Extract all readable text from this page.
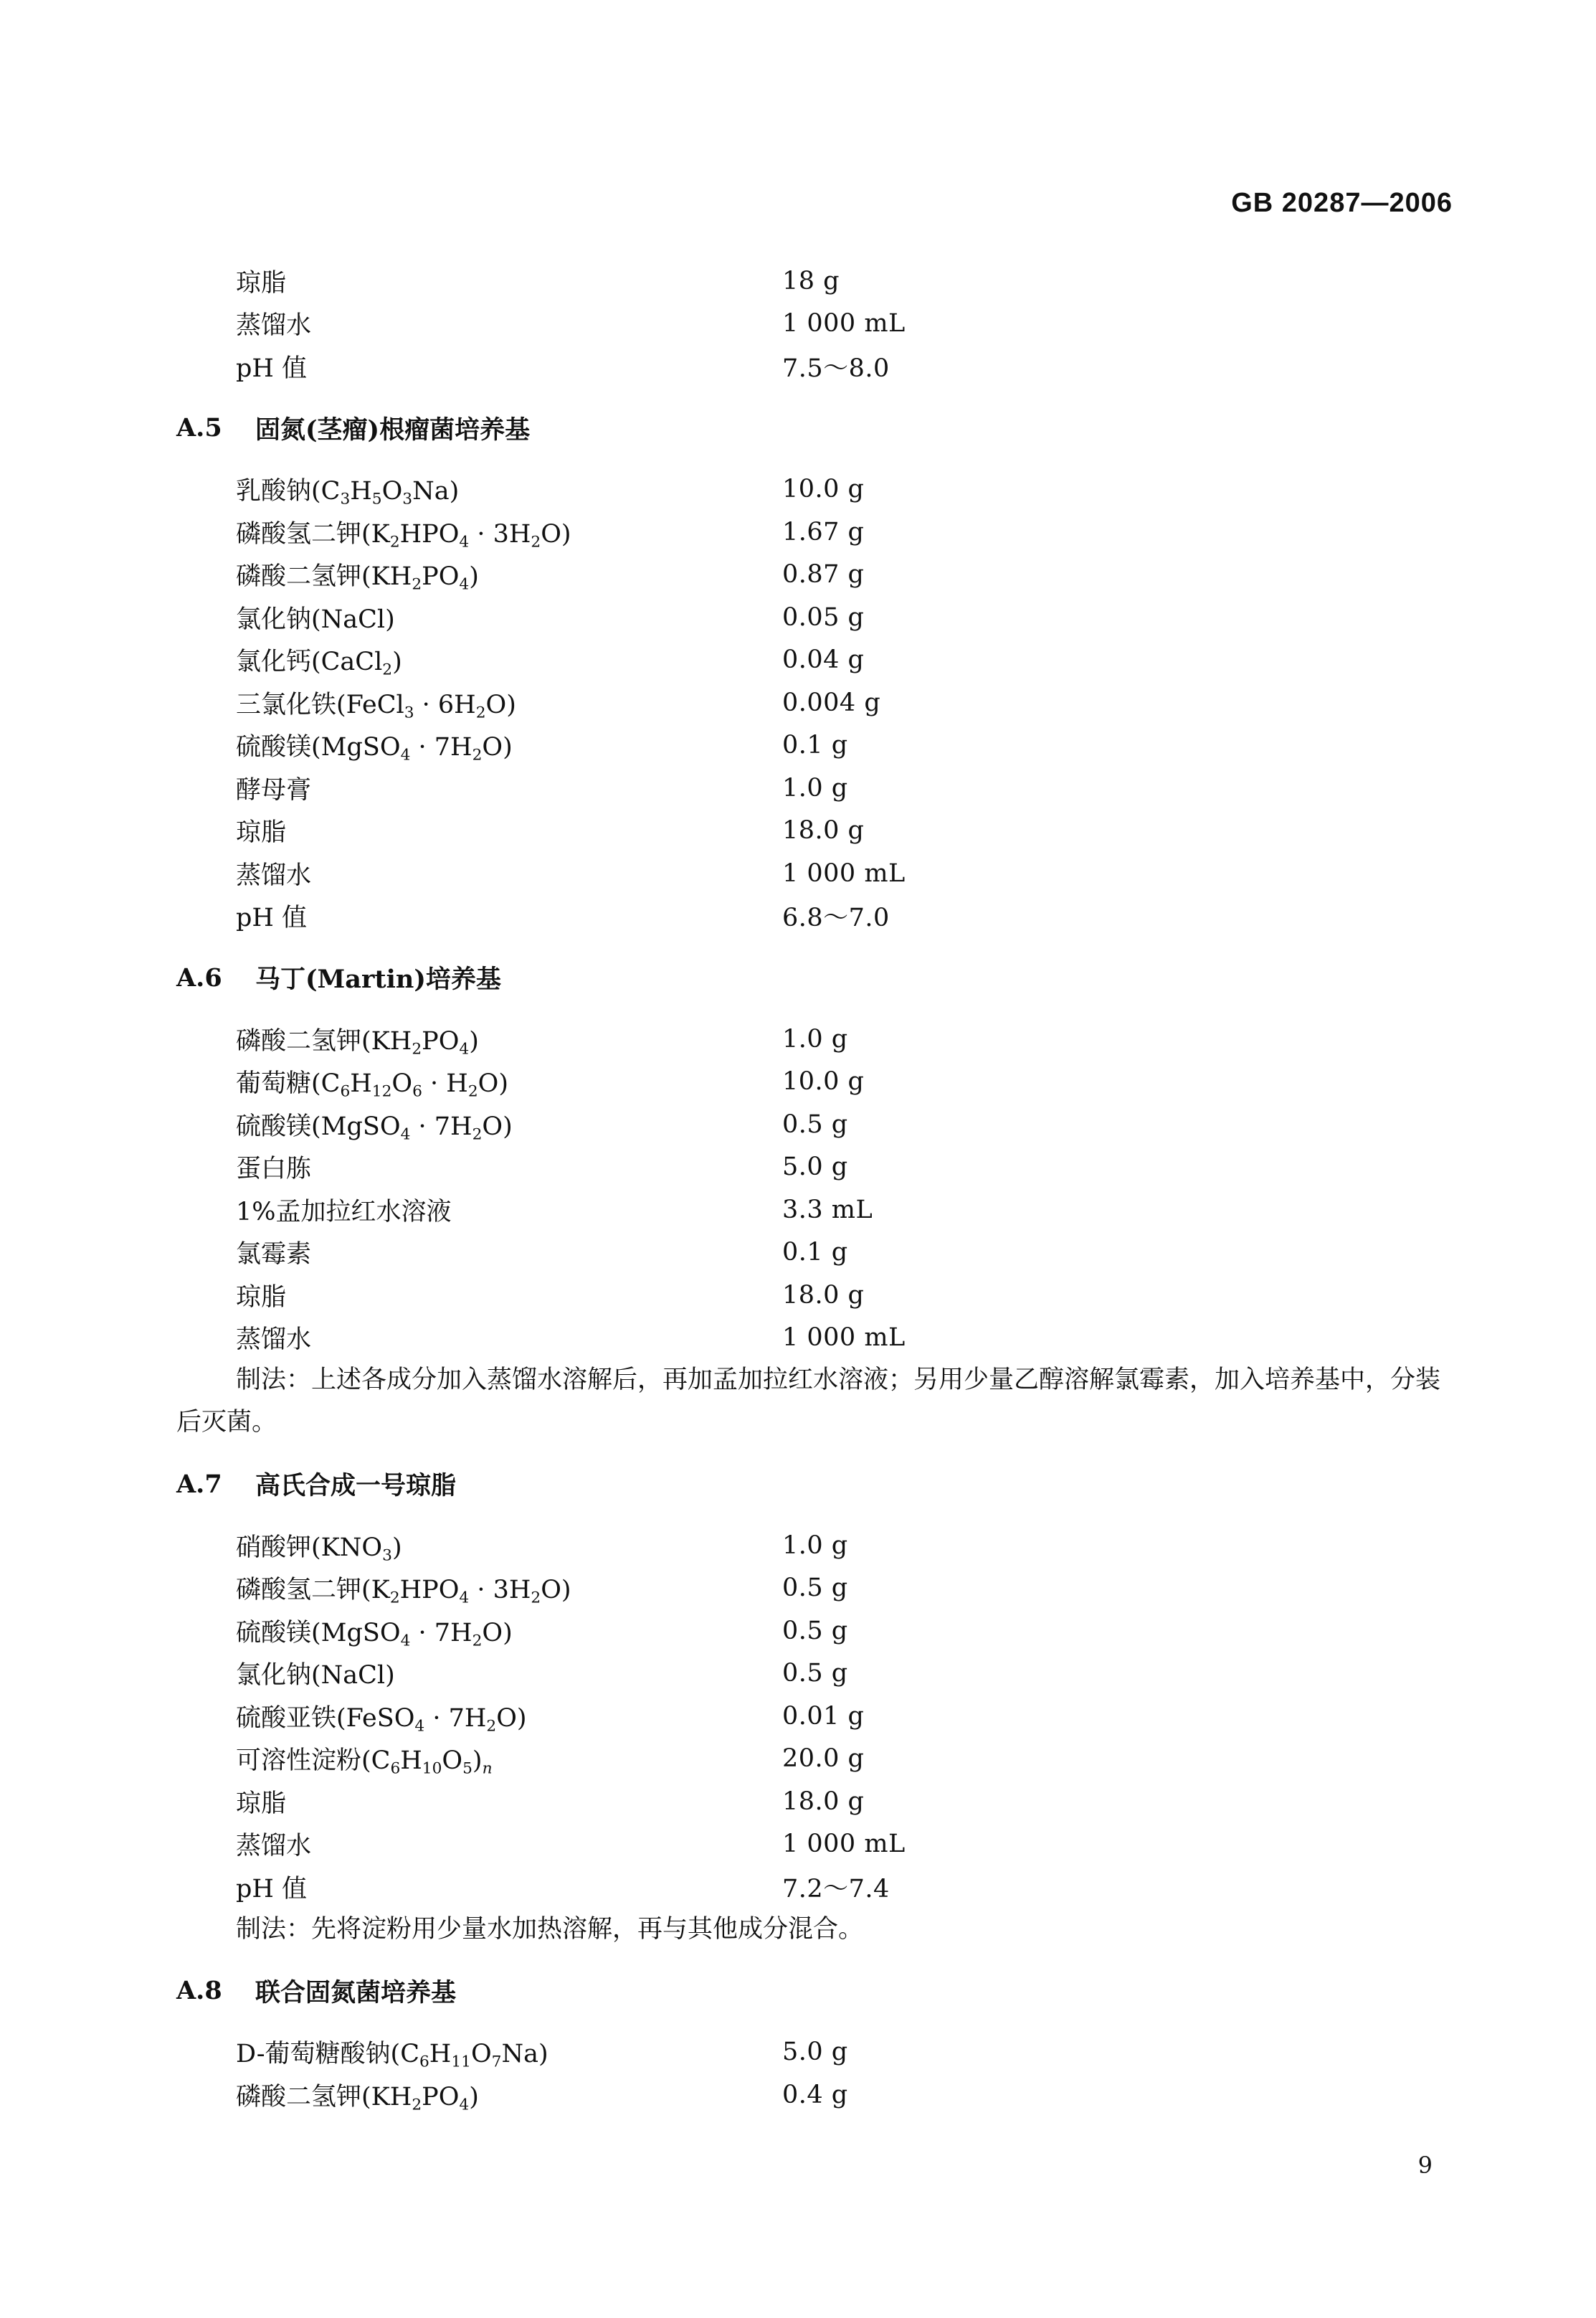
GB 20287—2006
琼脂	18 g
蒸馏水	1 000 mL
pH 值	7.5～8.0
A.5	固氮(茎瘤)根瘤菌培养基
乳酸钠$(C_3H_5O_3Na)$	10.0 g
磷酸氢二钾$(K_2HPO_4 \cdot 3H_2O)$	1.67 g
磷酸二氢钾$(KH_2PO_4)$	0.87 g
氯化钠(NaCl)	0.05 g
氯化钙(CaCl$_2$)	0.04 g
三氯化铁(FeCl$_3$ · $6H_2O$)	0.004 g
硫酸镁(MgSO$_4$ · $7H_2O$)	0.1 g
酵母膏	1.0 g
琼脂	18.0 g
蒸馏水	1 000 mL
pH 值	6.8～7.0
A.6	马丁(Martin)培养基
磷酸二氢钾$(KH_2PO_4)$	1.0 g
葡萄糖$(C_6H_{12}O_6 \cdot H_2O)$	10.0 g
硫酸镁(MgSO$_4$ · $7H_2O$)	0.5 g
蛋白胨	5.0 g
1%孟加拉红水溶液	3.3 mL
氯霉素	0.1 g
琼脂	18.0 g
蒸馏水	1 000 mL
制法：上述各成分加入蒸馏水溶解后，再加孟加拉红水溶液；另用少量乙醇溶解氯霉素，加入培养基中，分装后灭菌。
A.7	高氏合成一号琼脂
硝酸钾$(KNO_3)$	1.0 g
磷酸氢二钾$(K_2HPO_4 \cdot 3H_2O)$	0.5 g
硫酸镁(MgSO$_4$ · $7H_2O$)	0.5 g
氯化钠(NaCl)	0.5 g
硫酸亚铁(FeSO$_4$ · $7H_2O$)	0.01 g
可溶性淀粉$(C_6H_{10}O_5)_n$	20.0 g
琼脂	18.0 g
蒸馏水	1 000 mL
pH 值	7.2～7.4
制法：先将淀粉用少量水加热溶解，再与其他成分混合。
A.8	联合固氮菌培养基
D-葡萄糖酸钠$(C_6H_{11}O_7Na)$	5.0 g
磷酸二氢钾$(KH_2PO_4)$	0.4 g
9
